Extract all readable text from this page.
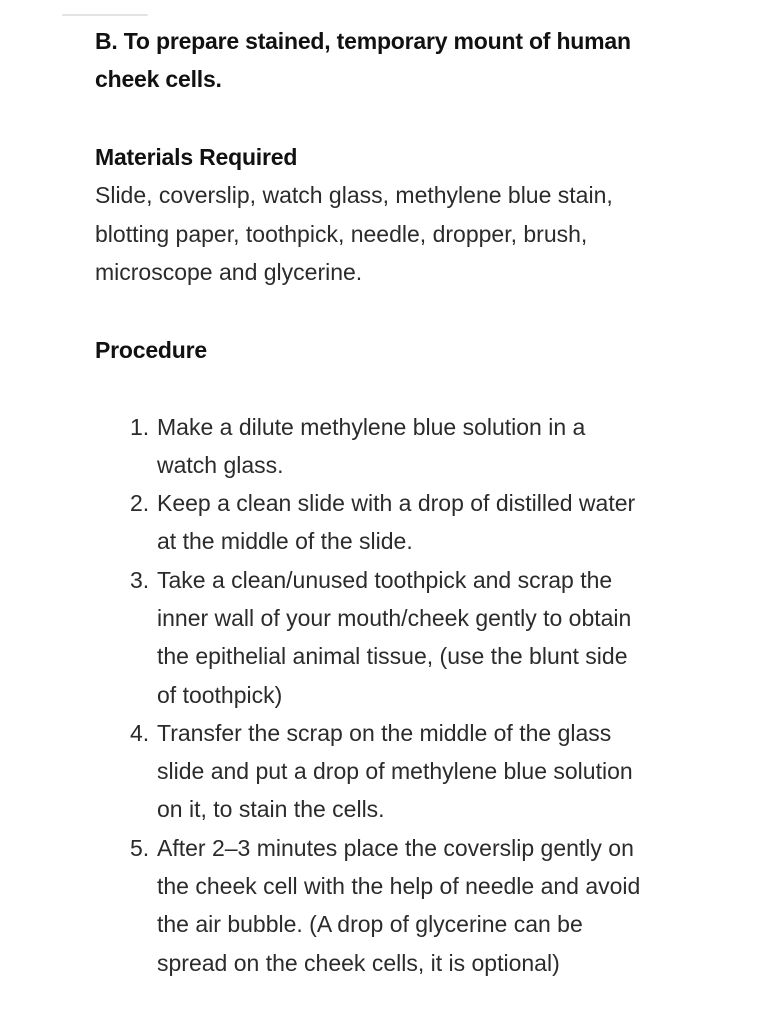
B. To prepare stained, temporary mount of human
cheek cells.
Materials Required

Slide, coverslip, watch glass, methylene blue stain,
blotting paper, toothpick, needle, dropper, brush,
microscope and glycerine.

Procedure
1. Make a dilute methylene blue solution in a
watch glass.
2. Keep a clean slide with a drop of distilled water
at the middle of the slide.
3. Take a clean/unused toothpick and scrap the
inner wall of your mouth/cheek gently to obtain
the epithelial animal tissue, (use the blunt side
of toothpick)
4. Transfer the scrap on the middle of the glass
slide and put a drop of methylene blue solution
on it, to stain the cells.
5. After 2–3 minutes place the coverslip gently on
the cheek cell with the help of needle and avoid
the air bubble. (A drop of glycerine can be
spread on the cheek cells, it is optional)
